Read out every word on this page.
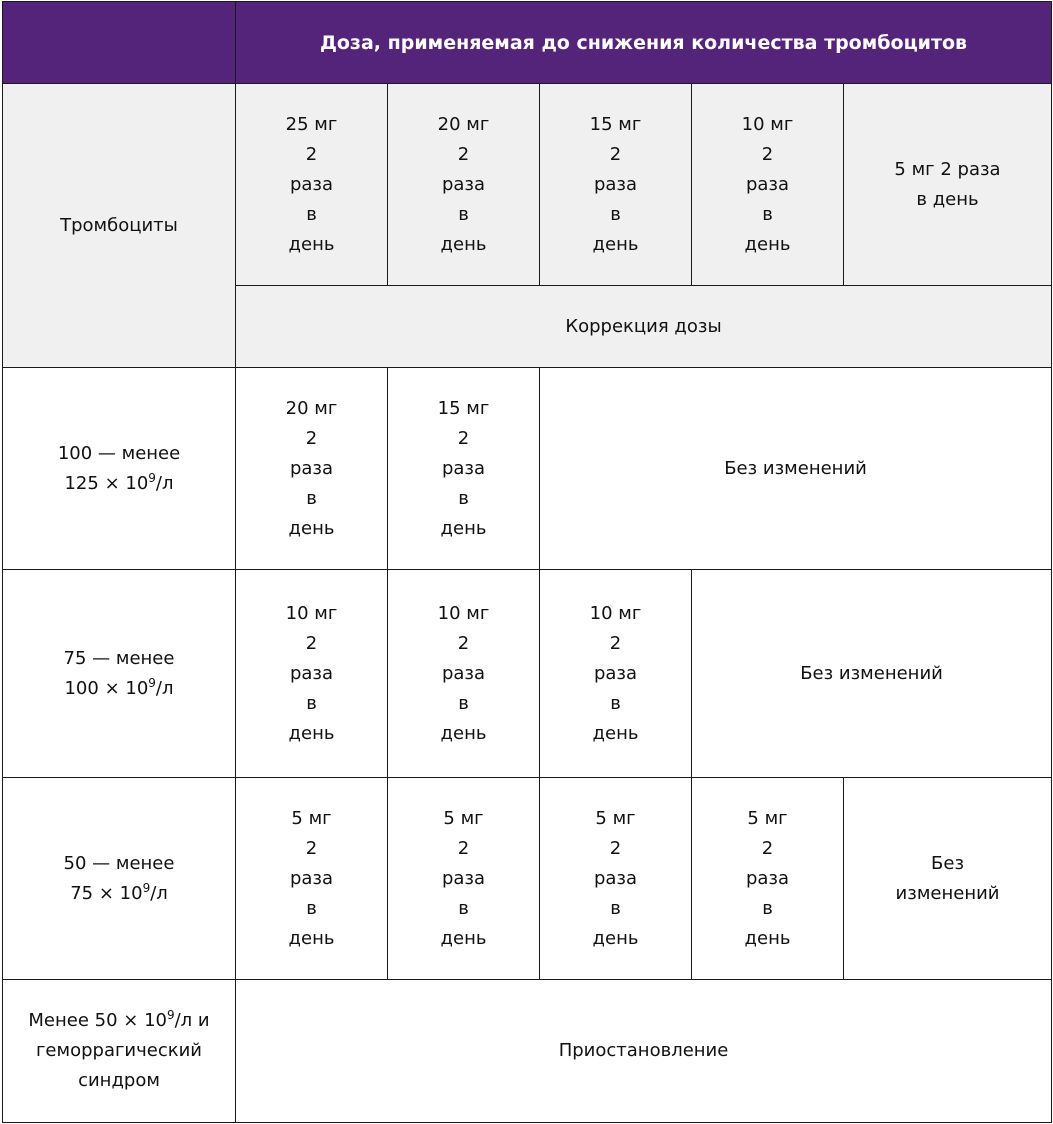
	Доза, применяемая до снижения количества тромбоцитов				
Тромбоциты	25 мг
2
раза
в
день	20 мг
2
раза
в
день	15 мг
2
раза
в
день	10 мг
2
раза
в
день	5 мг 2 раза
в день
	Коррекция дозы				
100 — менее
$125 \times 10^9/л$	20 мг
2
раза
в
день	15 мг
2
раза
в
день	Без изменений		
75 — менее
$100 \times 10^9/л$	10 мг
2
раза
в
день	10 мг
2
раза
в
день	10 мг
2
раза
в
день	Без изменений	
50 — менее
$75 \times 10^9/л$	5 мг
2
раза
в
день	5 мг
2
раза
в
день	5 мг
2
раза
в
день	5 мг
2
раза
в
день	Без
изменений
Менее $50 \times 10^9/л$ и
геморрагический
синдром	Приостановление				
